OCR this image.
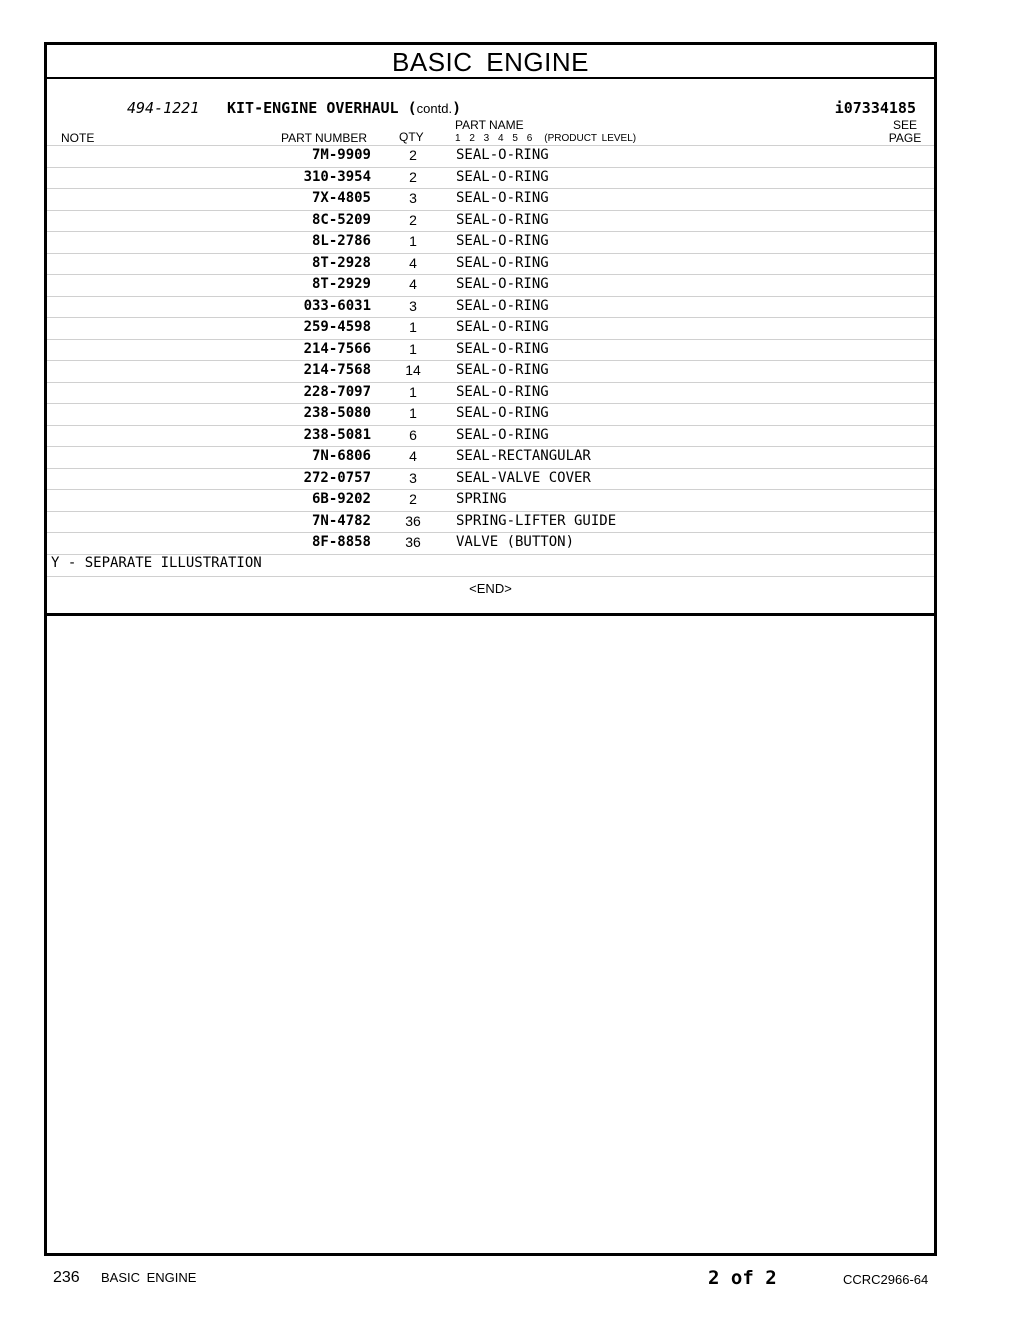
BASIC ENGINE
494-1221 KIT-ENGINE OVERHAUL (contd.)	i07334185
NOTE	PART NUMBER	QTY
PART NAME
1 2 3 4 5 6 (PRODUCT LEVEL)
SEE
PAGE
7M-9909	2	SEAL-O-RING
310-3954	2	SEAL-O-RING
7X-4805	3	SEAL-O-RING
8C-5209	2	SEAL-O-RING
8L-2786	1	SEAL-O-RING
8T-2928	4	SEAL-O-RING
8T-2929	4	SEAL-O-RING
033-6031	3	SEAL-O-RING
259-4598	1	SEAL-O-RING
214-7566	1	SEAL-O-RING
214-7568	14	SEAL-O-RING
228-7097	1	SEAL-O-RING
238-5080	1	SEAL-O-RING
238-5081	6	SEAL-O-RING
7N-6806	4	SEAL-RECTANGULAR
272-0757	3	SEAL-VALVE COVER
6B-9202	2	SPRING
7N-4782	36	SPRING-LIFTER GUIDE
8F-8858	36	VALVE (BUTTON)
Y - SEPARATE ILLUSTRATION
<END>
236 BASIC ENGINE	2 of 2	CCRC2966-64
